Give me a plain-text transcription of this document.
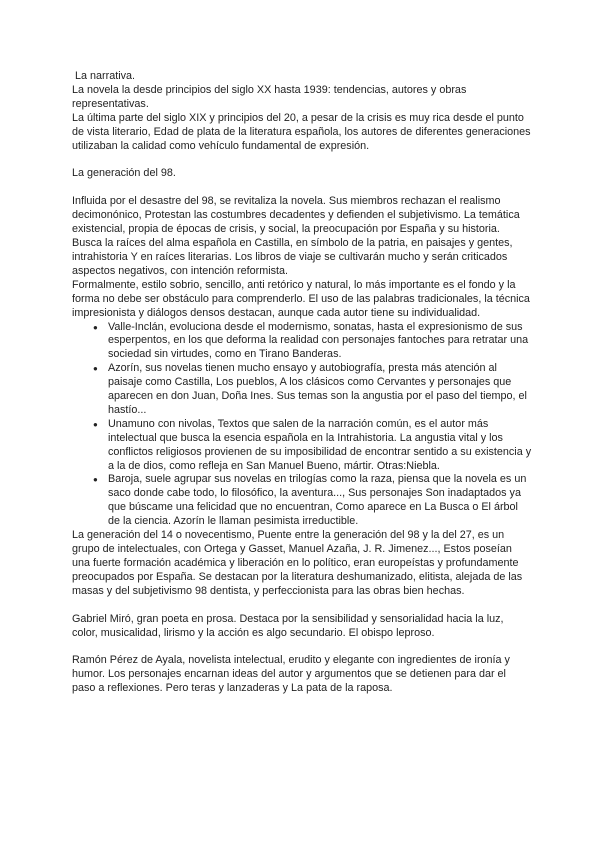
La narrativa.

La novela la desde principios del siglo XX hasta 1939: tendencias, autores y obras representativas.

La última parte del siglo XIX y principios del 20, a pesar de la crisis es muy rica desde el punto de vista literario, Edad de plata de la literatura española, los autores de diferentes generaciones utilizaban la calidad como vehículo fundamental de expresión.

La generación del 98.

Influida por el desastre del 98, se revitaliza la novela. Sus miembros rechazan el realismo decimonónico, Protestan las costumbres decadentes y defienden el subjetivismo. La temática existencial, propia de épocas de crisis, y social, la preocupación por España y su historia. Busca la raíces del alma española en Castilla, en símbolo de la patria, en paisajes y gentes, intrahistoria Y en raíces literarias. Los libros de viaje se cultivarán mucho y serán criticados aspectos negativos, con intención reformista.

Formalmente, estilo sobrio, sencillo, anti retórico y natural, lo más importante es el fondo y la forma no debe ser obstáculo para comprenderlo. El uso de las palabras tradicionales, la técnica impresionista y diálogos densos destacan, aunque cada autor tiene su individualidad.

● Valle-Inclán, evoluciona desde el modernismo, sonatas, hasta el expresionismo de sus esperpentos, en los que deforma la realidad con personajes fantoches para retratar una sociedad sin virtudes, como en Tirano Banderas.
● Azorín, sus novelas tienen mucho ensayo y autobiografía, presta más atención al paisaje como Castilla, Los pueblos, A los clásicos como Cervantes y personajes que aparecen en don Juan, Doña Ines. Sus temas son la angustia por el paso del tiempo, el hastío...
● Unamuno con nivolas, Textos que salen de la narración común, es el autor más intelectual que busca la esencia española en la Intrahistoria. La angustia vital y los conflictos religiosos provienen de su imposibilidad de encontrar sentido a su existencia y a la de dios, como refleja en San Manuel Bueno, mártir. Otras:Niebla.
● Baroja, suele agrupar sus novelas en trilogías como la raza, piensa que la novela es un saco donde cabe todo, lo filosófico, la aventura..., Sus personajes Son inadaptados ya que búscame una felicidad que no encuentran, Como aparece en La Busca o El árbol de la ciencia. Azorín le llaman pesimista irreductible.

La generación del 14 o novecentismo, Puente entre la generación del 98 y la del 27, es un grupo de intelectuales, con Ortega y Gasset, Manuel Azaña, J. R. Jimenez..., Estos poseían una fuerte formación académica y liberación en lo político, eran europeístas y profundamente preocupados por España. Se destacan por la literatura deshumanizado, elitista, alejada de las masas y del subjetivismo 98 dentista, y perfeccionista para las obras bien hechas.

Gabriel Miró, gran poeta en prosa. Destaca por la sensibilidad y sensorialidad hacia la luz, color, musicalidad, lirismo y la acción es algo secundario. El obispo leproso.

Ramón Pérez de Ayala, novelista intelectual, erudito y elegante con ingredientes de ironía y humor. Los personajes encarnan ideas del autor y argumentos que se detienen para dar el paso a reflexiones. Pero teras y lanzaderas y La pata de la raposa.
